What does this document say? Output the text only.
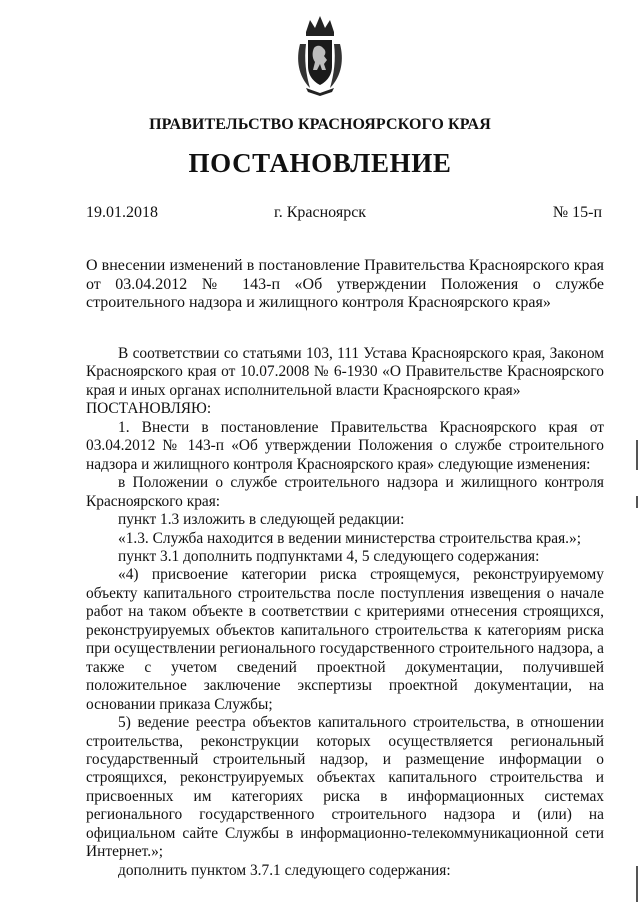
ПРАВИТЕЛЬСТВО КРАСНОЯРСКОГО КРАЯ
ПОСТАНОВЛЕНИЕ
19.01.2018	г. Красноярск	№ 15-п
О внесении изменений в постановление Правительства Красноярского края от 03.04.2012 № 143-п «Об утверждении Положения о службе строительного надзора и жилищного контроля Красноярского края»

В соответствии со статьями 103, 111 Устава Красноярского края, Законом Красноярского края от 10.07.2008 № 6-1930 «О Правительстве Красноярского края и иных органах исполнительной власти Красноярского края»

ПОСТАНОВЛЯЮ:

1. Внести в постановление Правительства Красноярского края от 03.04.2012 № 143-п «Об утверждении Положения о службе строительного надзора и жилищного контроля Красноярского края» следующие изменения:

в Положении о службе строительного надзора и жилищного контроля Красноярского края:

пункт 1.3 изложить в следующей редакции:

«1.3. Служба находится в ведении министерства строительства края.»;

пункт 3.1 дополнить подпунктами 4, 5 следующего содержания:

«4) присвоение категории риска строящемуся, реконструируемому объекту капитального строительства после поступления извещения о начале работ на таком объекте в соответствии с критериями отнесения строящихся, реконструируемых объектов капитального строительства к категориям риска при осуществлении регионального государственного строительного надзора, а также с учетом сведений проектной документации, получившей положительное заключение экспертизы проектной документации, на основании приказа Службы;

5) ведение реестра объектов капитального строительства, в отношении строительства, реконструкции которых осуществляется региональный государственный строительный надзор, и размещение информации о строящихся, реконструируемых объектах капитального строительства и присвоенных им категориях риска в информационных системах регионального государственного строительного надзора и (или) на официальном сайте Службы в информационно-телекоммуникационной сети Интернет.»;

дополнить пунктом 3.7.1 следующего содержания:
